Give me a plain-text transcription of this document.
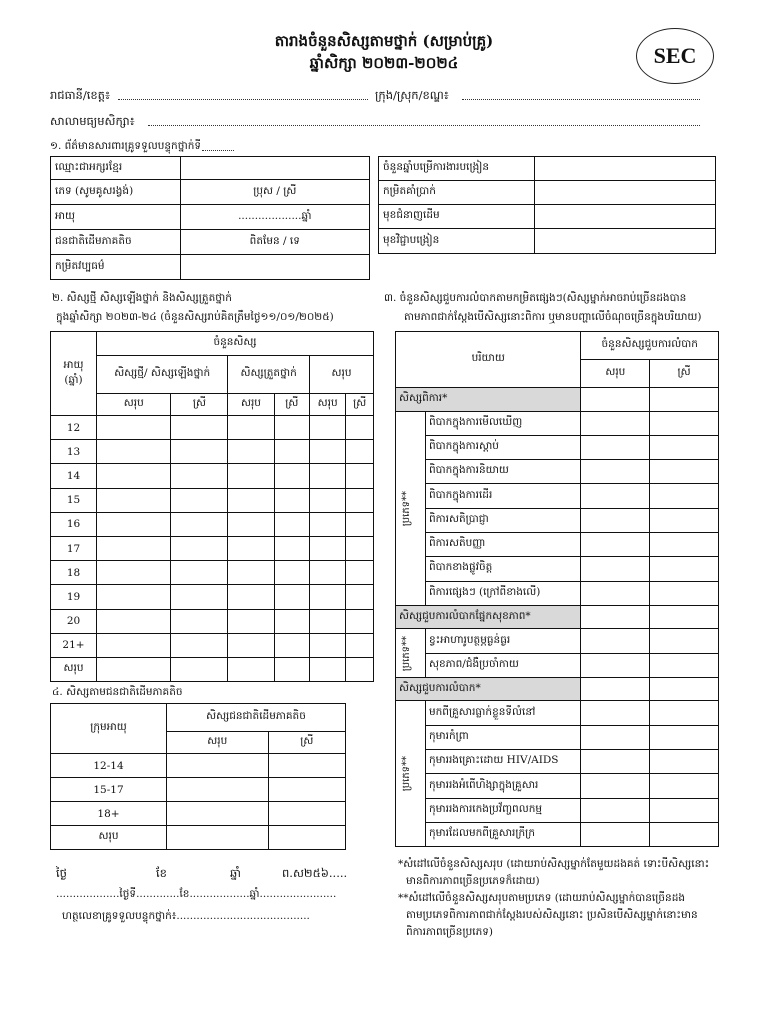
តារាងចំនួនសិស្សតាមថ្នាក់ (សម្រាប់គ្រូ)
ឆ្នាំសិក្សា ២០២៣-២០២៤	SEC
រាជធានី/ខេត្ត៖	ក្រុង/ស្រុក/ខណ្ឌ៖
សាលាមធ្យមសិក្សា៖
១. ព័ត៌មានសារពារគ្រូទទួលបន្ទុកថ្នាក់ទី
ឈ្មោះជាអក្សរខ្មែរ	
ភេទ (សូមគូសរង្វង់)	ប្រុស / ស្រី
អាយុ	...................ឆ្នាំ
ជនជាតិដើមភាគតិច	ពិតមែន / ទេ
កម្រិតវប្បធម៌	
ចំនួនឆ្នាំបម្រើការងារបង្រៀន	
កម្រិតគាំប្រាក់	
មុខជំនាញដើម	
មុខវិជ្ជាបង្រៀន	
២. សិស្សថ្មី សិស្សឡើងថ្នាក់ និងសិស្សត្រួតថ្នាក់
ក្នុងឆ្នាំសិក្សា ២០២៣-២៤ (ចំនួនសិស្សរាប់គិតត្រឹមថ្ងៃ១១/០១/២០២៥)
អាយុ (ឆ្នាំ)	ចំនួនសិស្ស					
	សិស្សថ្មី/ សិស្សឡើងថ្នាក់		សិស្សត្រួតថ្នាក់		សរុប	
	សរុប	ស្រី	សរុប	ស្រី	សរុប	ស្រី
12						
13						
14						
15						
16						
17						
18						
19						
20						
21+						
សរុប						
៤. សិស្សតាមជនជាតិដើមភាគតិច
ក្រុមអាយុ	សិស្សជនជាតិដើមភាគតិច	
	សរុប	ស្រី
12-14		
15-17		
18+		
សរុប		
៣. ចំនួនសិស្សជួបការលំបាកតាមកម្រិតផ្សេងៗ(សិស្សម្នាក់អាចរាប់ច្រើនដងបាន
តាមភាពជាក់ស្តែងបើសិស្សនោះពិការ ឬមានបញ្ហាលើចំណុចច្រើនក្នុងបរិយាយ)
បរិយាយ		ចំនួនសិស្សជួបការលំបាក	
		សរុប	ស្រី
សិស្សពិការ*			

ប្រភេទ**	ពិបាកក្នុងការមើលឃើញ		
	ពិបាកក្នុងការស្តាប់		
	ពិបាកក្នុងការនិយាយ		
	ពិបាកក្នុងការដើរ		
	ពិការសតិប្រាជ្ញា		
	ពិការសតិបញ្ញា		
	ពិបាកខាងផ្លូវចិត្ត		
	ពិការផ្សេងៗ (ក្រៅពីខាងលើ)		
សិស្សជួបការលំបាកផ្នែកសុខភាព*			

ប្រភេទ**	ខ្វះអាហារូបត្ថម្ភធ្ងន់ធ្ងរ		
	សុខភាព/ជំងឺប្រចាំកាយ		
សិស្សជួបការលំបាក*			

ប្រភេទ**	មកពីគ្រួសារធ្លាក់ខ្លួនទីលំនៅ		
	កុមារកំព្រា		
	កុមាររងគ្រោះដោយ HIV/AIDS		
	កុមាររងអំពើហិង្សាក្នុងគ្រួសារ		
	កុមាររងការកេងប្រវ័ញ្ចពលកម្ម		
	កុមារដែលមកពីគ្រួសារក្រីក្រ		
*សំដៅលើចំនួនសិស្សសរុប (ដោយរាប់សិស្សម្នាក់តែមួយដងគត់ ទោះបីសិស្សនោះ
មានពិការភាពច្រើនប្រភេទក៏ដោយ)
**សំដៅលើចំនួនសិស្សសរុបតាមប្រភេទ (ដោយរាប់សិស្សម្នាក់បានច្រើនដង
តាមប្រភេទពិការភាពជាក់ស្តែងរបស់សិស្សនោះ ប្រសិនបើសិស្សម្នាក់នោះមាន
ពិការភាពច្រើនប្រភេទ)
ថ្ងៃ	ខែ	ឆ្នាំ	ព.ស២៥៦.....
...................ថ្ងៃទី.............ខែ..................ឆ្នាំ.......................
ហត្ថលេខាគ្រូទទួលបន្ទុកថ្នាក់៖........................................
